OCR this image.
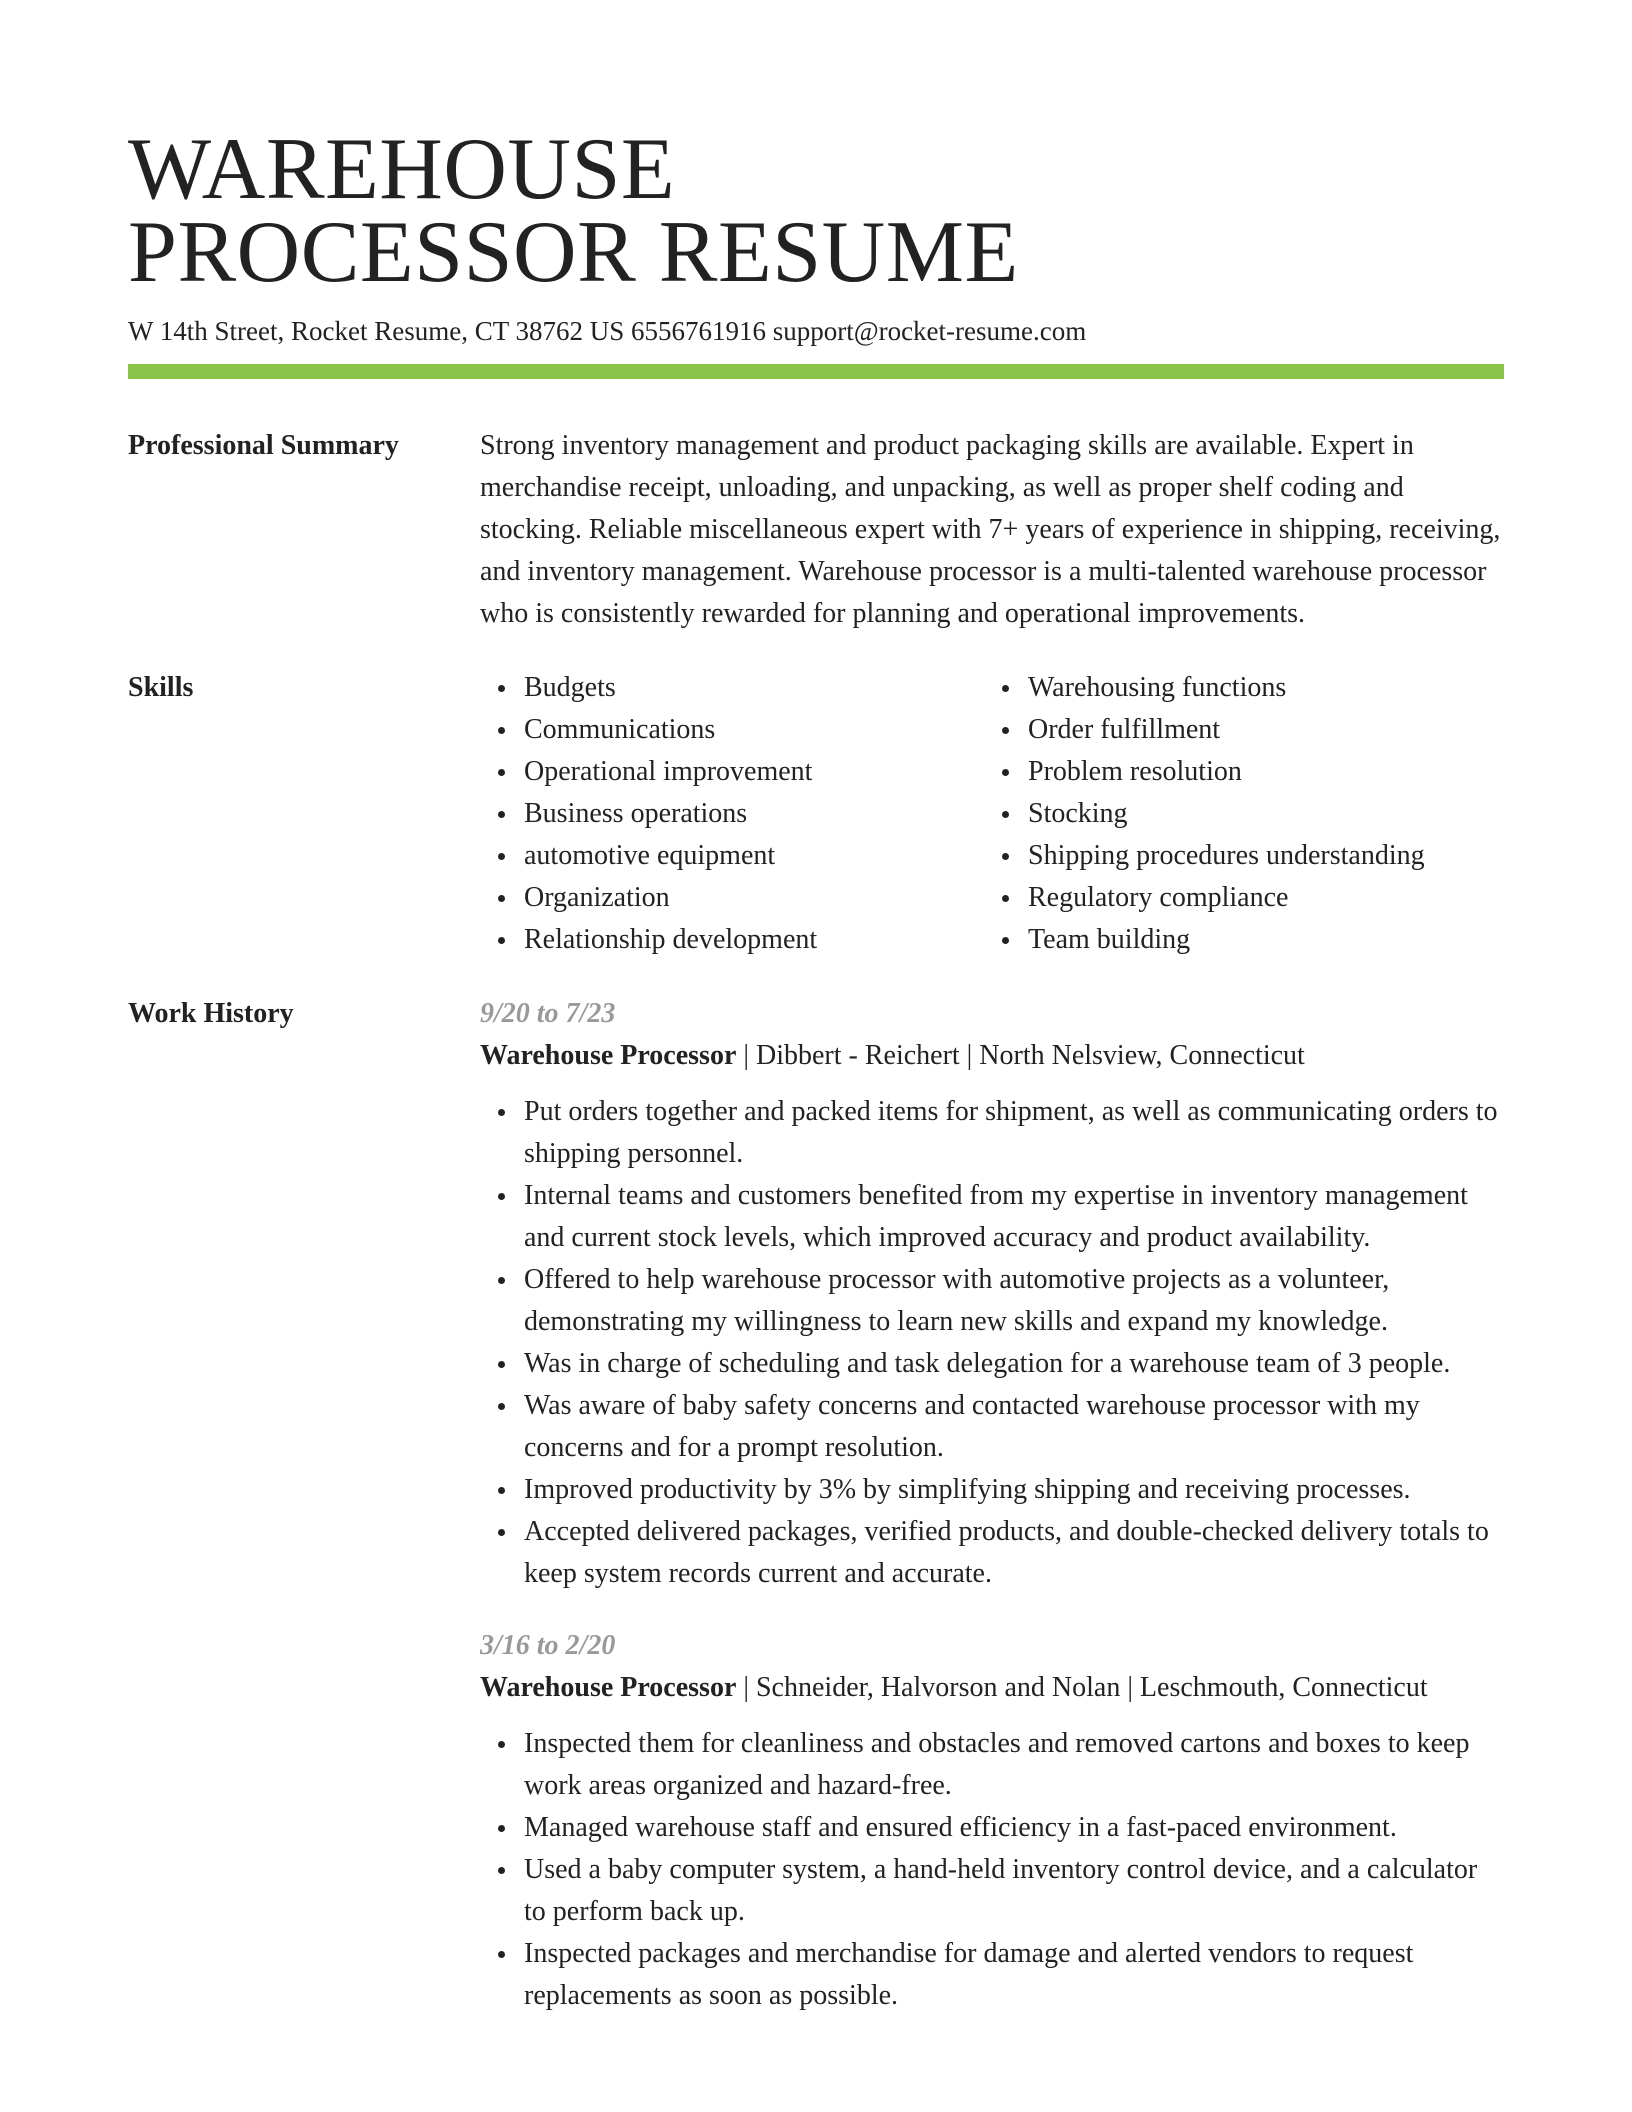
WAREHOUSE
PROCESSOR RESUME
W 14th Street, Rocket Resume, CT 38762 US 6556761916 support@rocket-resume.com
Professional Summary	Strong inventory management and product packaging skills are available. Expert in merchandise receipt, unloading, and unpacking, as well as proper shelf coding and stocking. Reliable miscellaneous expert with 7+ years of experience in shipping, receiving, and inventory management. Warehouse processor is a multi-talented warehouse processor who is consistently rewarded for planning and operational improvements.

Skills	Budgets
Communications
Operational improvement
Business operations
automotive equipment
Organization
Relationship development
Warehousing functions
Order fulfillment
Problem resolution
Stocking
Shipping procedures understanding
Regulatory compliance
Team building
Work History	9/20 to 7/23

Warehouse Processor | Dibbert - Reichert | North Nelsview, Connecticut

Put orders together and packed items for shipment, as well as communicating orders to shipping personnel.
Internal teams and customers benefited from my expertise in inventory management and current stock levels, which improved accuracy and product availability.
Offered to help warehouse processor with automotive projects as a volunteer, demonstrating my willingness to learn new skills and expand my knowledge.
Was in charge of scheduling and task delegation for a warehouse team of 3 people.
Was aware of baby safety concerns and contacted warehouse processor with my concerns and for a prompt resolution.
Improved productivity by 3% by simplifying shipping and receiving processes.
Accepted delivered packages, verified products, and double-checked delivery totals to keep system records current and accurate.
3/16 to 2/20

Warehouse Processor | Schneider, Halvorson and Nolan | Leschmouth, Connecticut

Inspected them for cleanliness and obstacles and removed cartons and boxes to keep work areas organized and hazard-free.
Managed warehouse staff and ensured efficiency in a fast-paced environment.
Used a baby computer system, a hand-held inventory control device, and a calculator to perform back up.
Inspected packages and merchandise for damage and alerted vendors to request replacements as soon as possible.
